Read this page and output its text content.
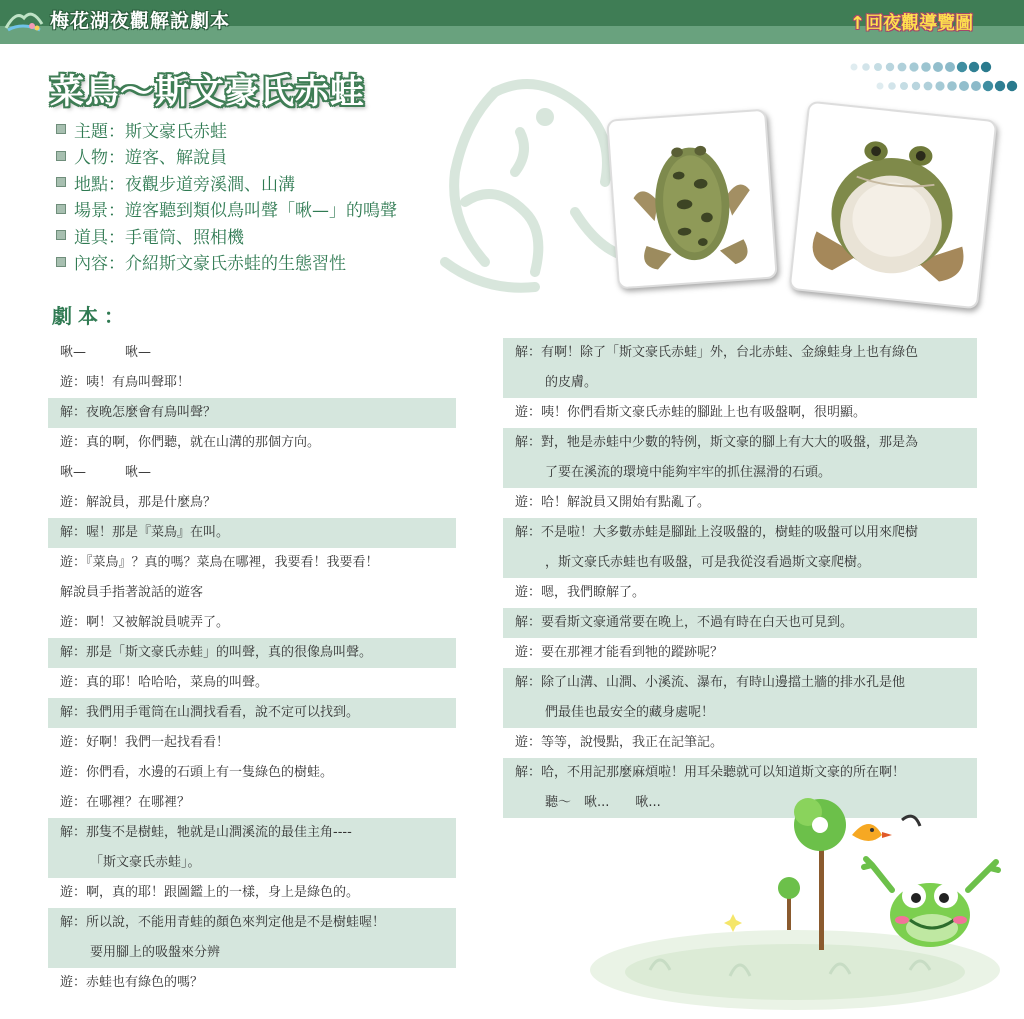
梅花湖夜觀解說劇本	↑回夜觀導覽圖
菜鳥～斯文豪氏赤蛙
主題：斯文豪氏赤蛙
人物：遊客、解說員
地點：夜觀步道旁溪澗、山溝
場景：遊客聽到類似鳥叫聲「啾—」的鳴聲
道具：手電筒、照相機
內容：介紹斯文豪氏赤蛙的生態習性
劇本：
啾—　　　啾—
遊：咦！有鳥叫聲耶！
解：夜晚怎麼會有鳥叫聲？
遊：真的啊，你們聽，就在山溝的那個方向。
啾—　　　啾—
遊：解說員，那是什麼鳥？
解：喔！那是『菜鳥』在叫。
遊：『菜鳥』？真的嗎？菜鳥在哪裡，我要看！我要看！
解說員手指著說話的遊客
遊：啊！又被解說員唬弄了。
解：那是「斯文豪氏赤蛙」的叫聲，真的很像鳥叫聲。
遊：真的耶！哈哈哈，菜鳥的叫聲。
解：我們用手電筒在山澗找看看，說不定可以找到。
遊：好啊！我們一起找看看！
遊：你們看，水邊的石頭上有一隻綠色的樹蛙。
遊：在哪裡？在哪裡？
解：那隻不是樹蛙，牠就是山澗溪流的最佳主角----
「斯文豪氏赤蛙」。
遊：啊，真的耶！跟圖鑑上的一樣，身上是綠色的。
解：所以說，不能用青蛙的顏色來判定他是不是樹蛙喔！
要用腳上的吸盤來分辨
遊：赤蛙也有綠色的嗎？
解：有啊！除了「斯文豪氏赤蛙」外，台北赤蛙、金線蛙身上也有綠色
的皮膚。
遊：咦！你們看斯文豪氏赤蛙的腳趾上也有吸盤啊，很明顯。
解：對，牠是赤蛙中少數的特例，斯文豪的腳上有大大的吸盤，那是為
了要在溪流的環境中能夠牢牢的抓住濕滑的石頭。
遊：哈！解說員又開始有點亂了。
解：不是啦！大多數赤蛙是腳趾上沒吸盤的，樹蛙的吸盤可以用來爬樹
，斯文豪氏赤蛙也有吸盤，可是我從沒看過斯文豪爬樹。
遊：嗯，我們瞭解了。
解：要看斯文豪通常要在晚上，不過有時在白天也可見到。
遊：要在那裡才能看到牠的蹤跡呢？
解：除了山溝、山澗、小溪流、瀑布，有時山邊擋土牆的排水孔是他
們最佳也最安全的藏身處呢！
遊：等等，說慢點，我正在記筆記。
解：哈，不用記那麼麻煩啦！用耳朵聽就可以知道斯文豪的所在啊！
聽～　啾...　　啾...
